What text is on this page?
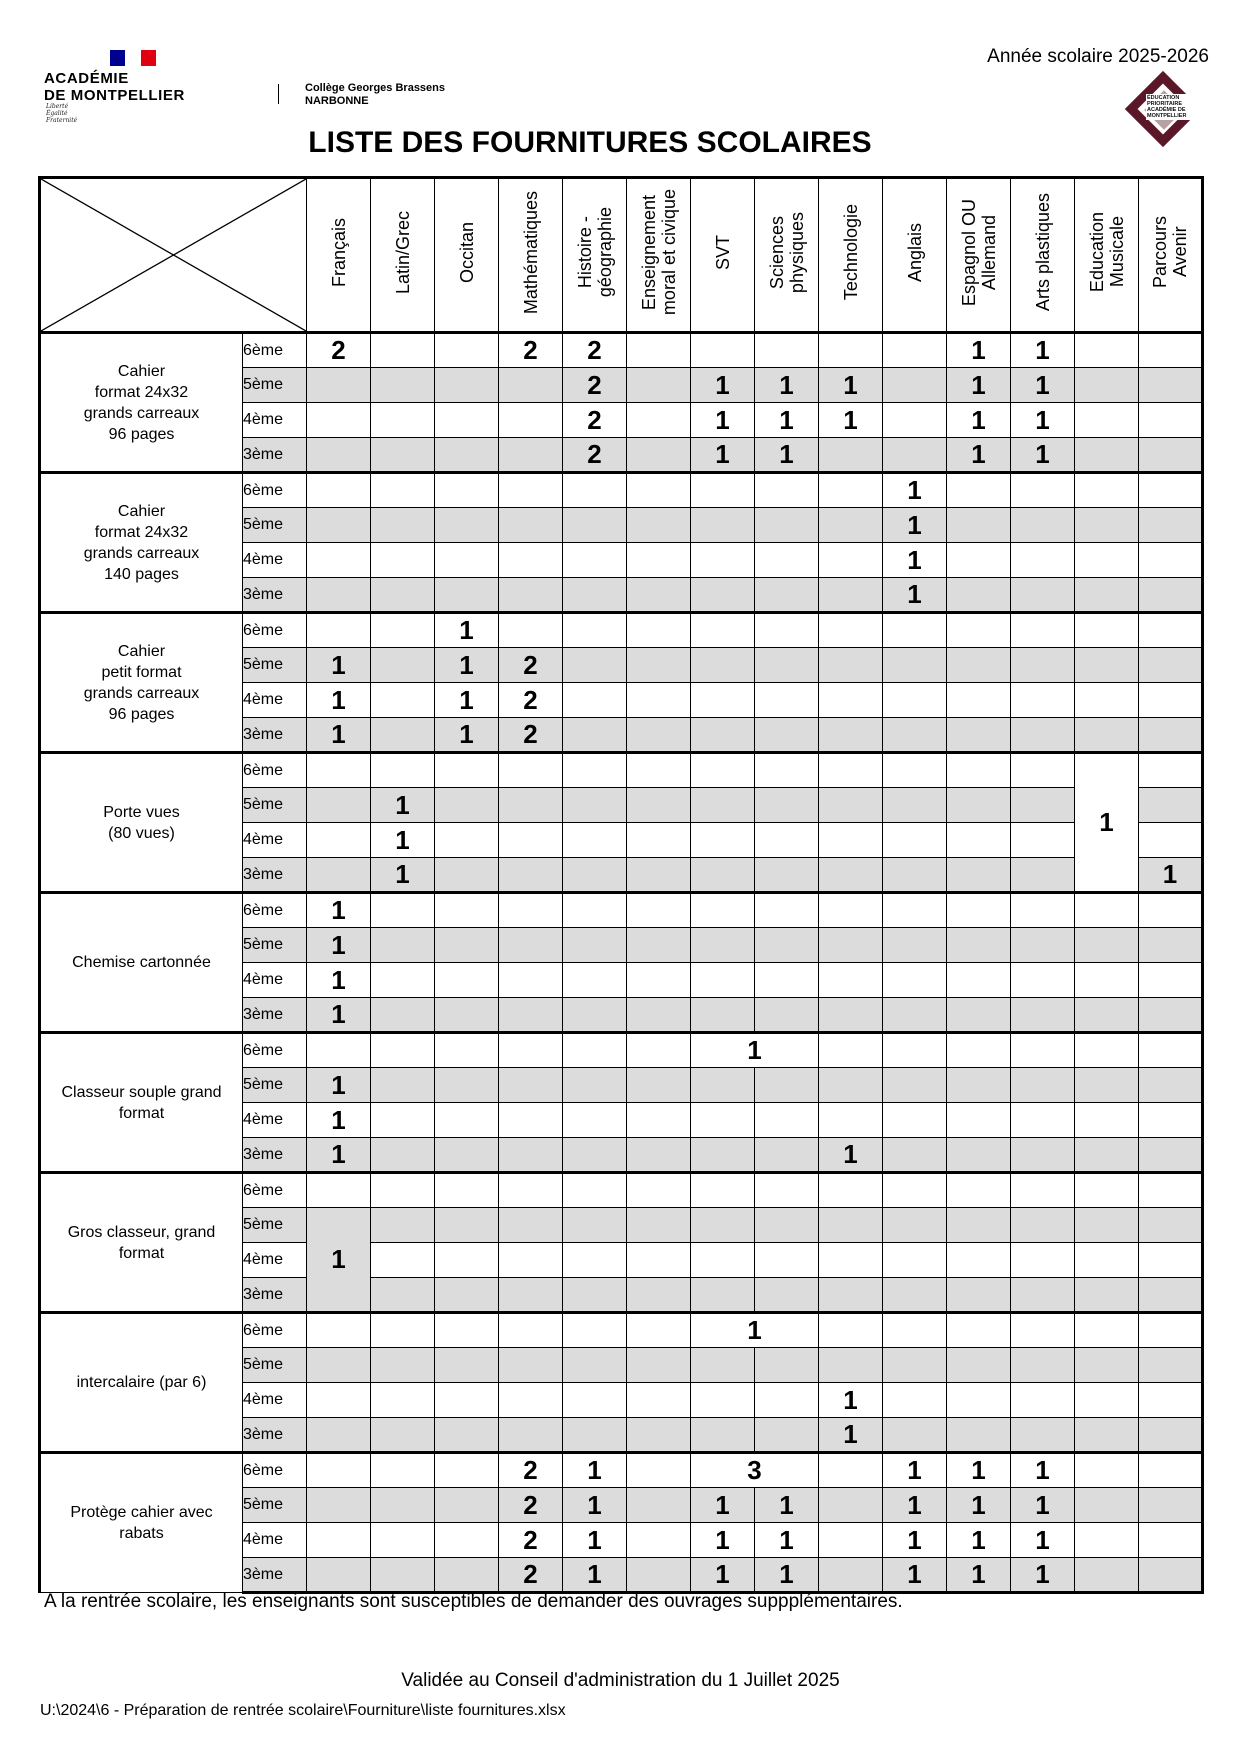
ACADÉMIE
DE MONTPELLIER
Liberté
Égalité
Fraternité
Collège Georges Brassens
NARBONNE
Année scolaire 2025-2026
ÉDUCATION PRIORITAIRE ACADÉMIE DE MONTPELLIER
LISTE DES FOURNITURES SCOLAIRES
	Français	Latin/Grec	Occitan	Mathématiques	Histoire -
géographie	Enseignement
moral et civique	SVT	Sciences
physiques	Technologie	Anglais	Espagnol OU
Allemand	Arts plastiques	Education
Musicale	Parcours
Avenir
Cahier
format 24x32
grands carreaux
96 pages	6ème	2			2	2						1	1		
	5ème					2		1	1	1		1	1		
	4ème					2		1	1	1		1	1		
	3ème					2		1	1			1	1		
Cahier
format 24x32
grands carreaux
140 pages	6ème										1				
	5ème										1				
	4ème										1				
	3ème										1				
Cahier
petit format
grands carreaux
96 pages	6ème			1											
	5ème	1		1	2										
	4ème	1		1	2										
	3ème	1		1	2										
Porte vues
(80 vues)	6ème													1	
	5ème		1												
	4ème		1												
	3ème		1												1
Chemise cartonnée	6ème	1													
	5ème	1													
	4ème	1													
	3ème	1													
Classeur souple grand
format	6ème							1							
	5ème	1													
	4ème	1													
	3ème	1								1					
Gros classeur, grand
format	6ème														
	5ème	1													
	4ème														
	3ème														
intercalaire (par 6)	6ème							1							
	5ème														
	4ème									1					
	3ème									1					
Protège cahier avec
rabats	6ème				2	1		3			1	1	1		
	5ème				2	1		1	1		1	1	1		
	4ème				2	1		1	1		1	1	1		
	3ème				2	1		1	1		1	1	1		
A la rentrée scolaire, les enseignants sont susceptibles de demander des ouvrages suppplémentaires.
Validée au Conseil d'administration du 1 Juillet 2025
U:\2024\6 - Préparation de rentrée scolaire\Fourniture\liste fournitures.xlsx
